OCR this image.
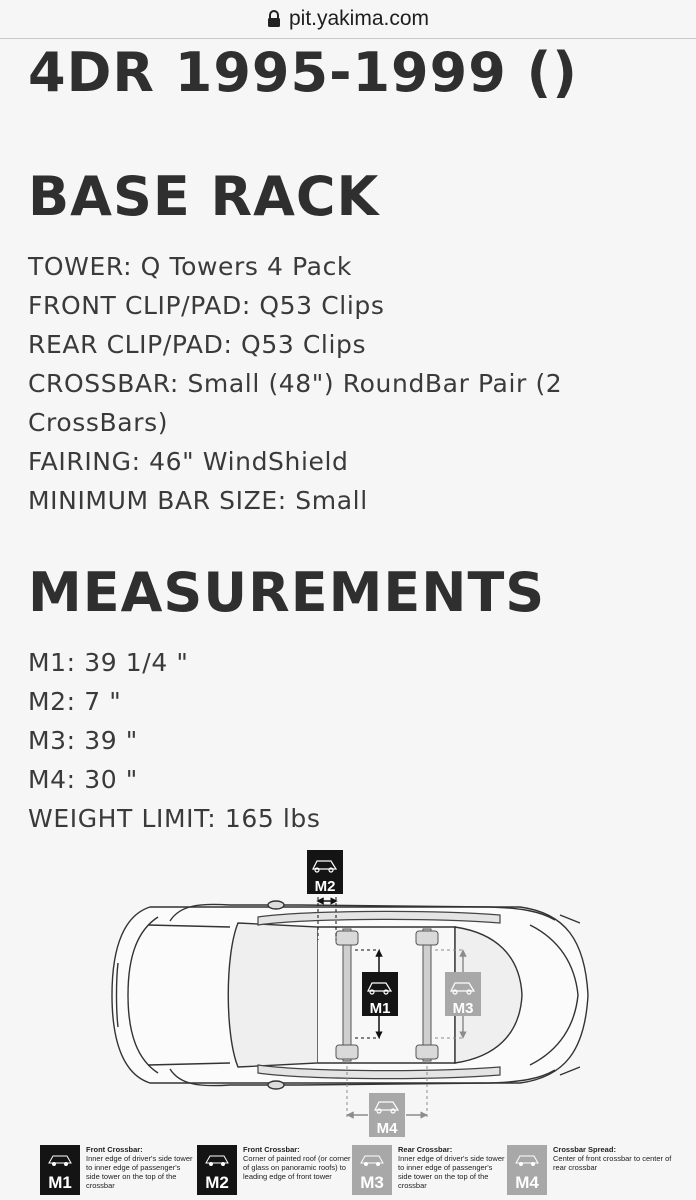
pit.yakima.com
4DR 1995-1999 ()
BASE RACK
TOWER: Q Towers 4 Pack
FRONT CLIP/PAD: Q53 Clips
REAR CLIP/PAD: Q53 Clips
CROSSBAR: Small (48") RoundBar Pair (2
CrossBars)
FAIRING: 46" WindShield
MINIMUM BAR SIZE: Small
MEASUREMENTS
M1: 39 1/4 "
M2: 7 "
M3: 39 "
M4: 30 "
WEIGHT LIMIT: 165 lbs
M2
M1	M3
M4
M1
Front Crossbar:
Inner edge of driver's side tower to inner edge of passenger's side tower on the top of the crossbar	M2
Front Crossbar:
Corner of painted roof (or corner of glass on panoramic roofs) to leading edge of front tower	M3
Rear Crossbar:
Inner edge of driver's side tower to inner edge of passenger's side tower on the top of the crossbar	M4
Crossbar Spread:
Center of front crossbar to center of rear crossbar
